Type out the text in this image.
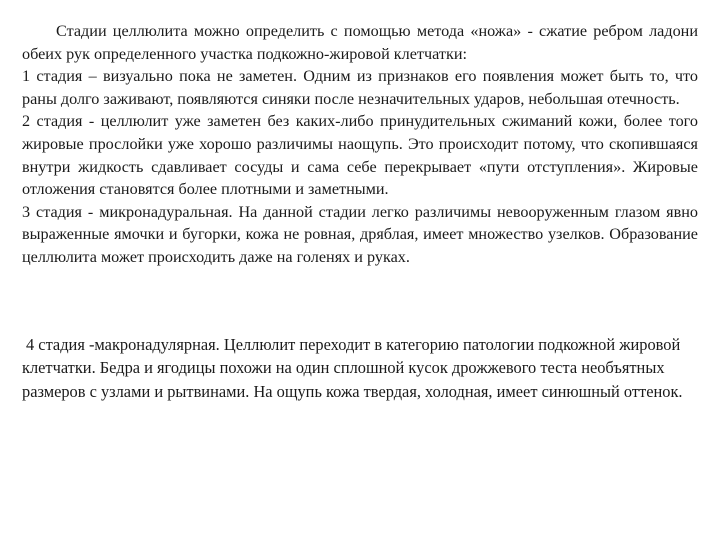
Стадии целлюлита можно определить с помощью метода «ножа» - сжатие ребром ладони обеих рук определенного участка подкожно-жировой клетчатки:

1 стадия – визуально пока не заметен. Одним из признаков его появления может быть то, что раны долго заживают, появляются синяки после незначительных ударов, небольшая отечность.

2 стадия - целлюлит уже заметен без каких-либо принудительных сжиманий кожи, более того жировые прослойки уже хорошо различимы наощупь. Это происходит потому, что скопившаяся внутри жидкость сдавливает сосуды и сама себе перекрывает «пути отступления». Жировые отложения становятся более плотными и заметными.

3 стадия - микронадуральная. На данной стадии легко различимы невооруженным глазом явно выраженные ямочки и бугорки, кожа не ровная, дряблая, имеет множество узелков. Образование целлюлита может происходить даже на голенях и руках.

4 стадия -макронадулярная. Целлюлит переходит в категорию патологии подкожной жировой клетчатки. Бедра и ягодицы похожи на один сплошной кусок дрожжевого теста необъятных размеров с узлами и рытвинами. На ощупь кожа твердая, холодная, имеет синюшный оттенок.
